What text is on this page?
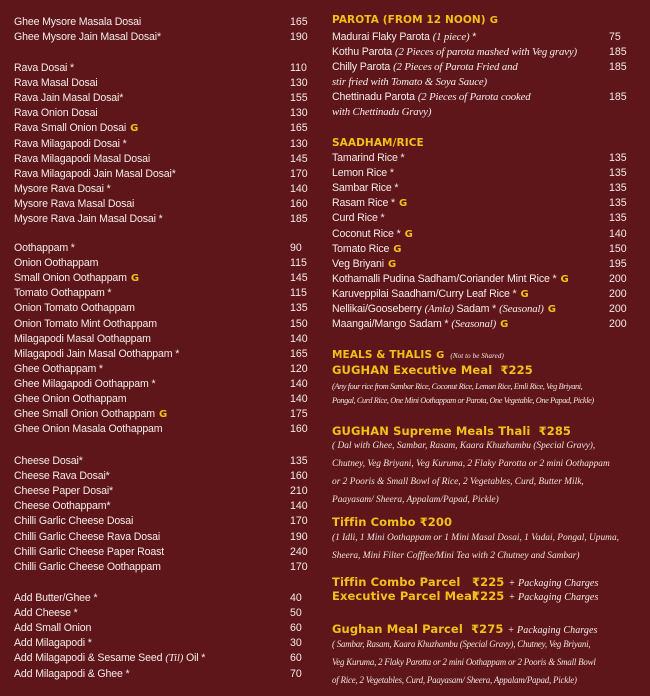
Ghee Mysore Masala Dosai	165
Ghee Mysore Jain Masal Dosai*	190
Rava Dosai *	110
Rava Masal Dosai	130
Rava Jain Masal Dosai*	155
Rava Onion Dosai	130
Rava Small Onion Dosai G	165
Rava Milagapodi Dosai *	130
Rava Milagapodi Masal Dosai	145
Rava Milagapodi Jain Masal Dosai*	170
Mysore Rava Dosai *	140
Mysore Rava Masal Dosai	160
Mysore Rava Jain Masal Dosai *	185
Oothappam *	90
Onion Oothappam	115
Small Onion Oothappam G	145
Tomato Oothappam *	115
Onion Tomato Oothappam	135
Onion Tomato Mint Oothappam	150
Milagapodi Masal Oothappam	140
Milagapodi Jain Masal Oothappam *	165
Ghee Oothappam *	120
Ghee Milagapodi Oothappam *	140
Ghee Onion Oothappam	140
Ghee Small Onion Oothappam G	175
Ghee Onion Masala Oothappam	160
Cheese Dosai*	135
Cheese Rava Dosai*	160
Cheese Paper Dosai*	210
Cheese Oothappam*	140
Chilli Garlic Cheese Dosai	170
Chilli Garlic Cheese Rava Dosai	190
Chilli Garlic Cheese Paper Roast	240
Chilli Garlic Cheese Oothappam	170
Add Butter/Ghee *	40
Add Cheese *	50
Add Small Onion	60
Add Milagapodi *	30
Add Milagapodi & Sesame Seed (Til) Oil *	60
Add Milagapodi & Ghee *	70
PAROTA (FROM 12 NOON) G
Madurai Flaky Parota (1 piece) *	75
Kothu Parota (2 Pieces of parota mashed with Veg gravy)	185
Chilly Parota (2 Pieces of Parota Fried and	185
stir fried with Tomato & Soya Sauce)
Chettinadu Parota (2 Pieces of Parota cooked	185
with Chettinadu Gravy)
SAADHAM/RICE
Tamarind Rice *	135
Lemon Rice *	135
Sambar Rice *	135
Rasam Rice * G	135
Curd Rice *	135
Coconut Rice * G	140
Tomato Rice G	150
Veg Briyani G	195
Kothamalli Pudina Sadham/Coriander Mint Rice * G	200
Karuveppilai Saadham/Curry Leaf Rice * G	200
Nellikai/Gooseberry (Amla) Sadam * (Seasonal) G	200
Maangai/Mango Sadam * (Seasonal) G	200
MEALS & THALIS G (Not to be Shared)
GUGHAN Executive Meal ₹225
(Any four rice from Sambar Rice, Coconut Rice, Lemon Rice, Emli Rice, Veg Briyani,
Pongal, Curd Rice, One Mini Oothappam or Parota, One Vegetable, One Papad, Pickle)
GUGHAN Supreme Meals Thali ₹285
( Dal with Ghee, Sambar, Rasam, Kaara Khuzhambu (Special Gravy),
Chutney, Veg Briyani, Veg Kuruma, 2 Flaky Parotta or 2 mini Oothappam
or 2 Pooris & Small Bowl of Rice, 2 Vegetables, Curd, Butter Milk,
Paayasam/ Sheera, Appalam/Papad, Pickle)
Tiffin Combo ₹200
(1 Idli, 1 Mini Oothappam or 1 Mini Masal Dosai, 1 Vadai, Pongal, Upuma,
Sheera, Mini Filter Cofffee/Mini Tea with 2 Chutney and Sambar)
Tiffin Combo Parcel ₹225 + Packaging Charges
Executive Parcel Meal₹225 + Packaging Charges
Gughan Meal Parcel ₹275 + Packaging Charges
( Sambar, Rasam, Kaara Khuzhambu (Special Gravy), Chutney, Veg Briyani,
Veg Kuruma, 2 Flaky Parotta or 2 mini Oothappam or 2 Pooris & Small Bowl
of Rice, 2 Vegetables, Curd, Paayasam/ Sheera, Appalam/Papad, Pickle)
